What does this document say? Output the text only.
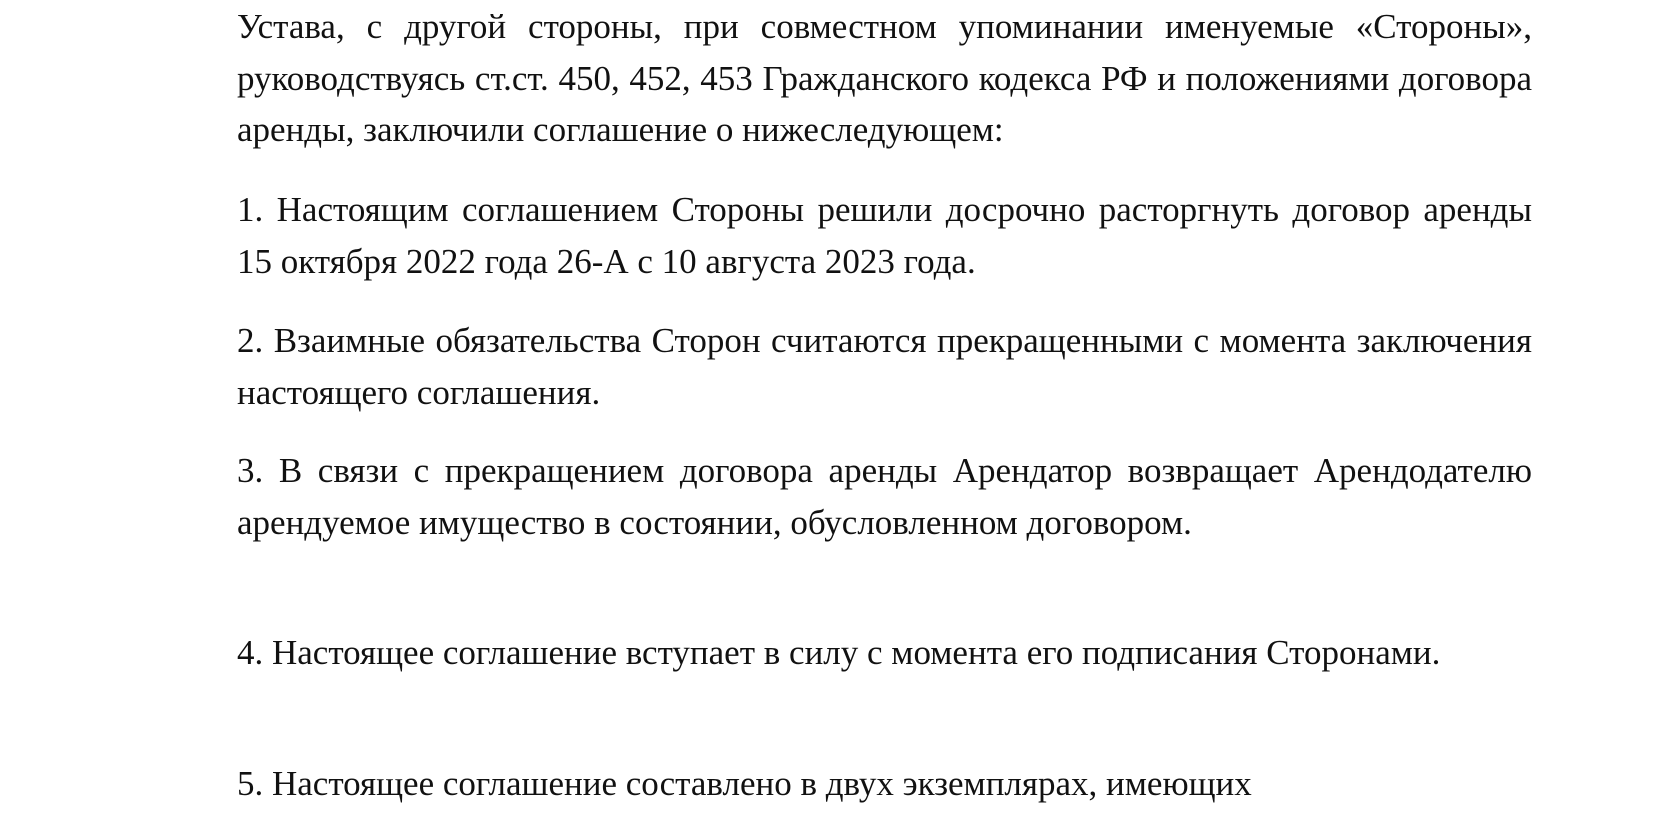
Устава, с другой стороны, при совместном упоминании именуемые «Стороны», руководствуясь ст.ст. 450, 452, 453 Гражданского кодекса РФ и положениями договора аренды, заключили соглашение о нижеследующем:

1. Настоящим соглашением Стороны решили досрочно расторгнуть договор аренды 15 октября 2022 года 26-А с 10 августа 2023 года.

2. Взаимные обязательства Сторон считаются прекращенными с момента заключения настоящего соглашения.

3. В связи с прекращением договора аренды Арендатор возвращает Арендодателю арендуемое имущество в состоянии, обусловленном договором.

4. Настоящее соглашение вступает в силу с момента его подписания Сторонами.

5. Настоящее соглашение составлено в двух экземплярах, имеющих
